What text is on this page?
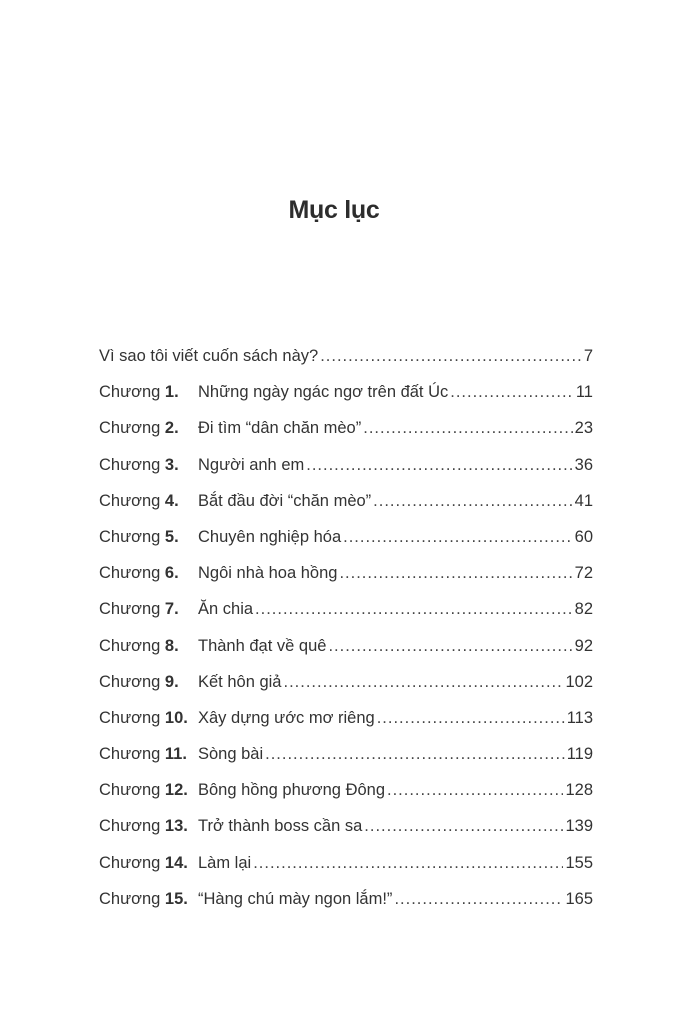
Mục lục
Vì sao tôi viết cuốn sách này? .....	7
Chương 1.	Những ngày ngác ngơ trên đất Úc .....	11
Chương 2.	Đi tìm “dân chăn mèo” .....	23
Chương 3.	Người anh em .....	36
Chương 4.	Bắt đầu đời “chăn mèo” .....	41
Chương 5.	Chuyên nghiệp hóa .....	60
Chương 6.	Ngôi nhà hoa hồng .....	72
Chương 7.	Ăn chia .....	82
Chương 8.	Thành đạt về quê .....	92
Chương 9.	Kết hôn giả .....	102
Chương 10. Xây dựng ước mơ riêng .....	113
Chương 11. Sòng bài .....	119
Chương 12. Bông hồng phương Đông .....	128
Chương 13. Trở thành boss cần sa .....	139
Chương 14. Làm lại .....	155
Chương 15. “Hàng chú mày ngon lắm!” .....	165
